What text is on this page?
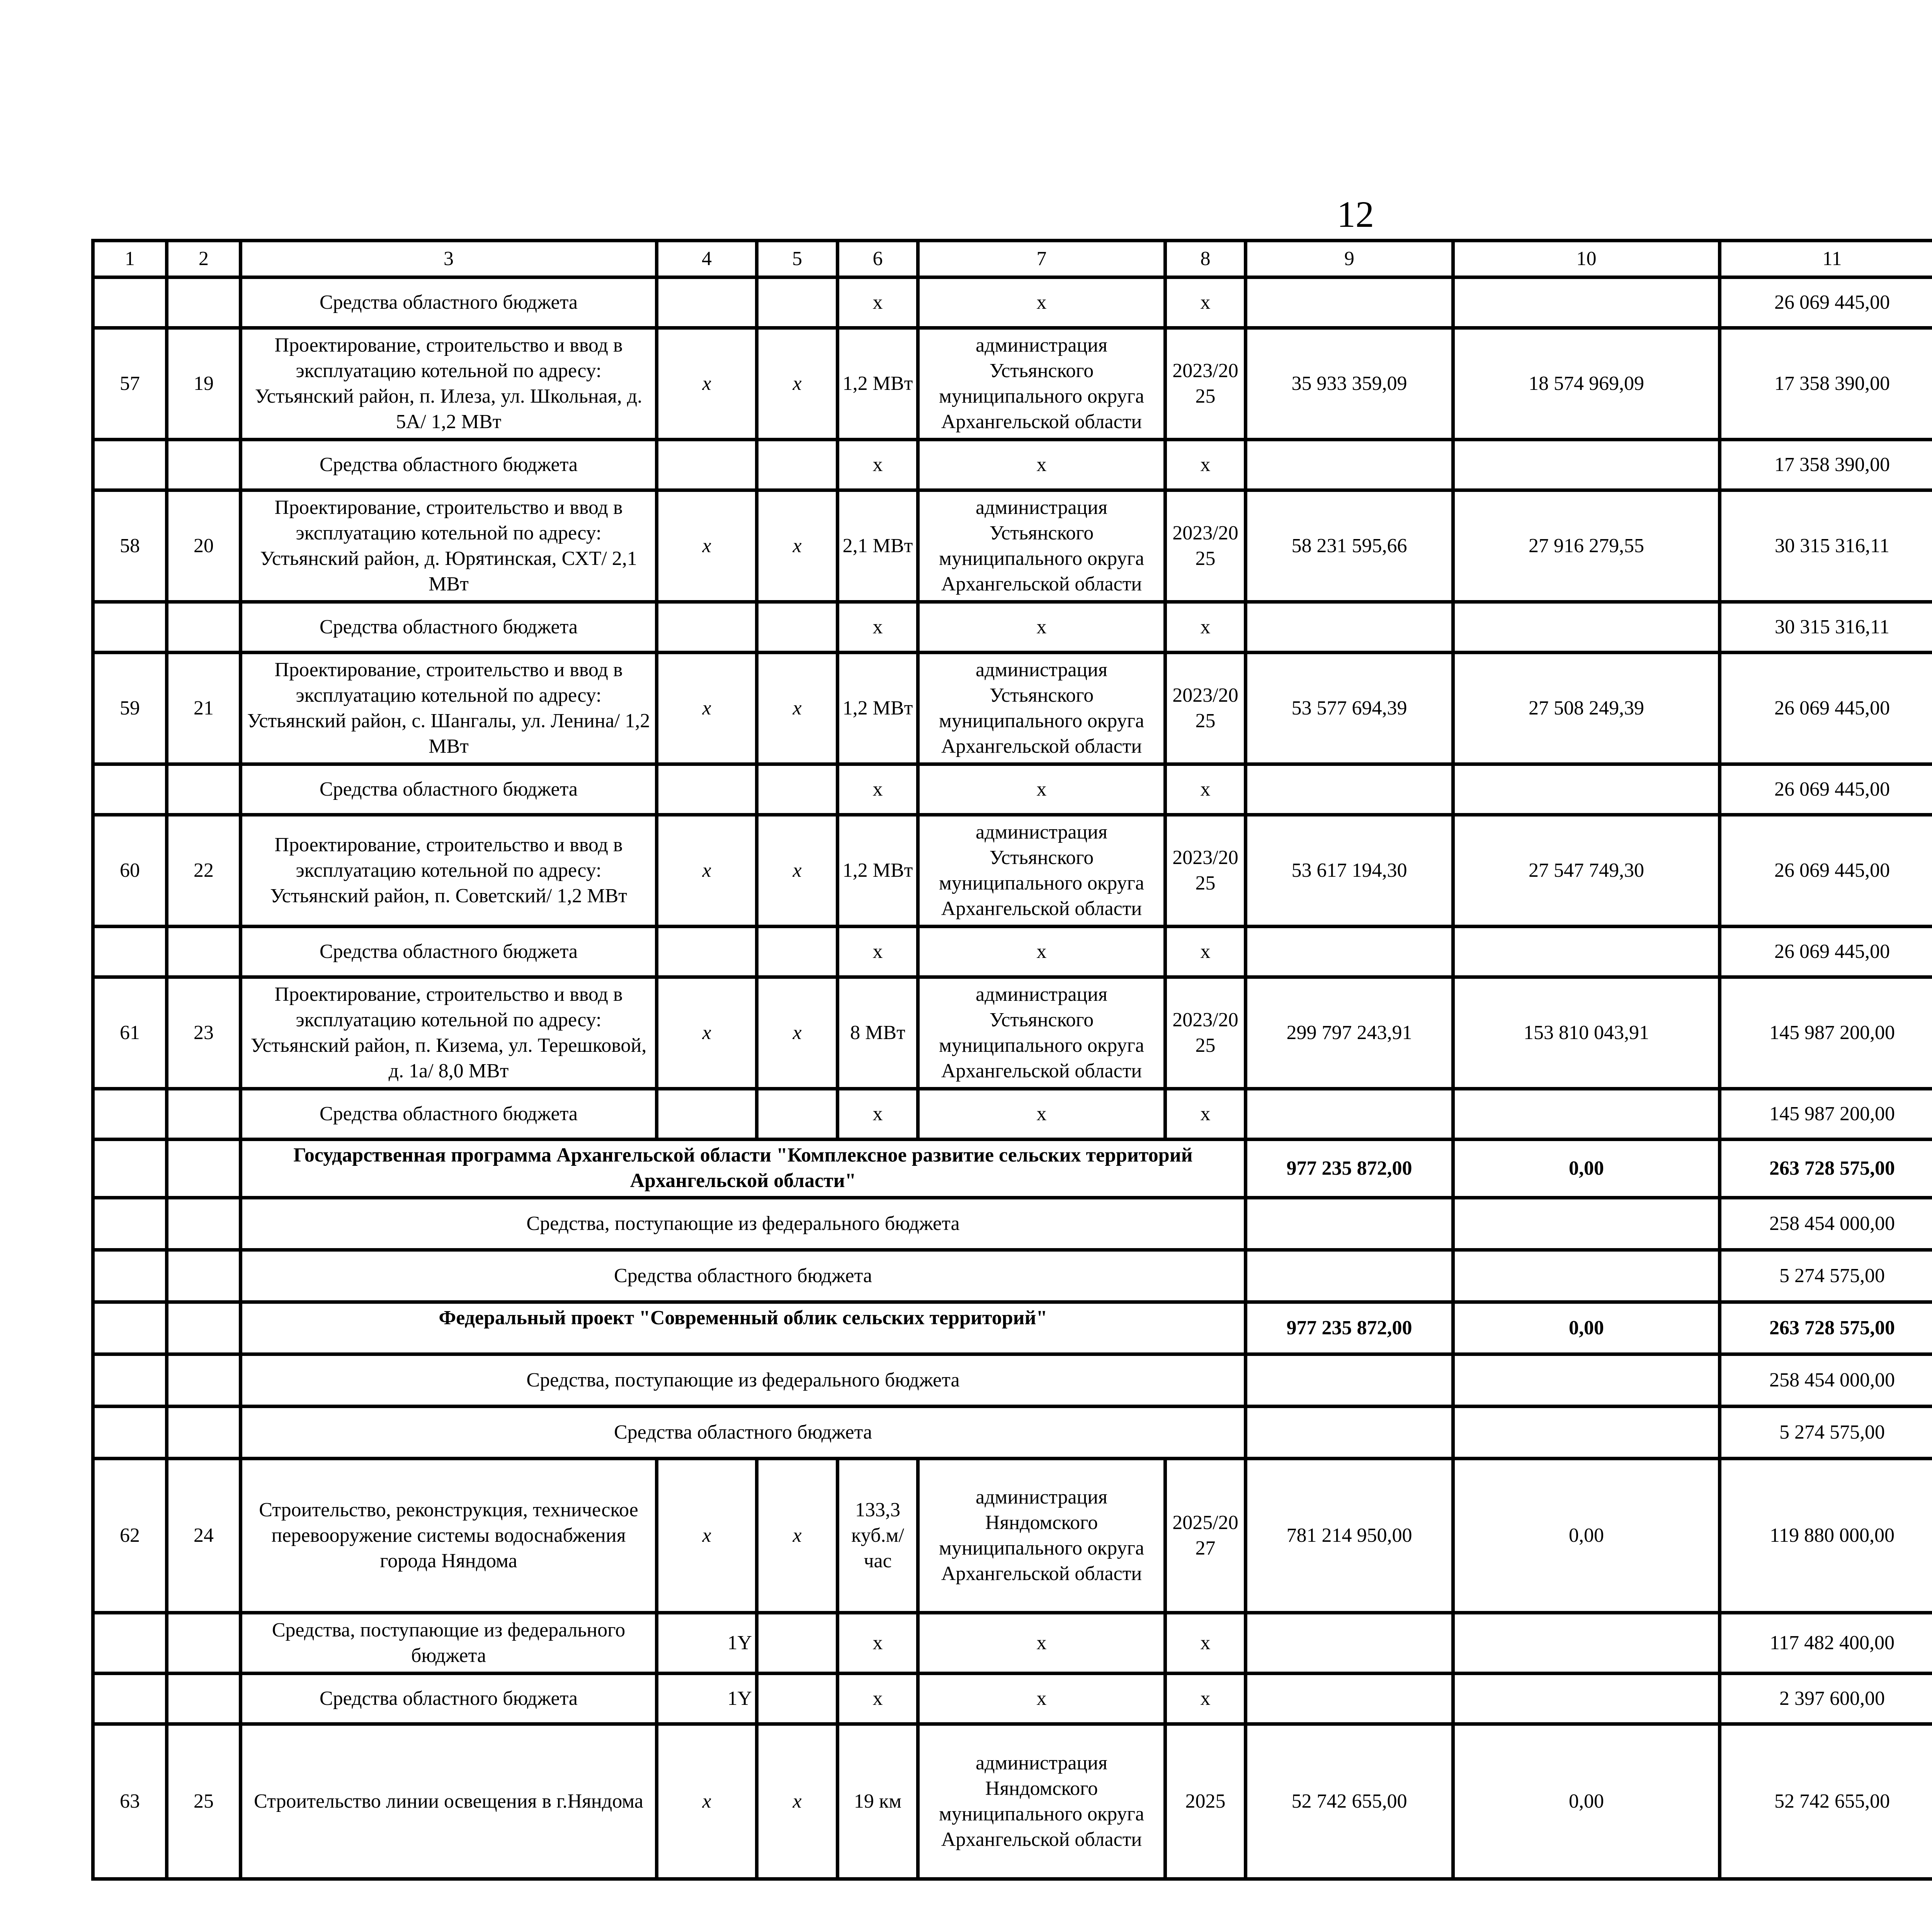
12
1	2	3	4	5	6	7	8	9	10	11			
		Средства областного бюджета			х	х	х			26 069 445,00			
57	19	Проектирование, строительство и ввод в эксплуатацию котельной по адресу: Устьянский район, п. Илеза, ул. Школьная, д. 5А/ 1,2 МВт	х	х	1,2 МВт	администрация Устьянского муниципального округа Архангельской области	2023/2025	35 933 359,09	18 574 969,09	17 358 390,00			
		Средства областного бюджета			х	х	х			17 358 390,00			
58	20	Проектирование, строительство и ввод в эксплуатацию котельной по адресу: Устьянский район, д. Юрятинская, СХТ/ 2,1 МВт	х	х	2,1 МВт	администрация Устьянского муниципального округа Архангельской области	2023/2025	58 231 595,66	27 916 279,55	30 315 316,11			
		Средства областного бюджета			х	х	х			30 315 316,11			
59	21	Проектирование, строительство и ввод в эксплуатацию котельной по адресу: Устьянский район, с. Шангалы, ул. Ленина/ 1,2 МВт	х	х	1,2 МВт	администрация Устьянского муниципального округа Архангельской области	2023/2025	53 577 694,39	27 508 249,39	26 069 445,00			
		Средства областного бюджета			х	х	х			26 069 445,00			
60	22	Проектирование, строительство и ввод в эксплуатацию котельной по адресу: Устьянский район, п. Советский/ 1,2 МВт	х	х	1,2 МВт	администрация Устьянского муниципального округа Архангельской области	2023/2025	53 617 194,30	27 547 749,30	26 069 445,00			
		Средства областного бюджета			х	х	х			26 069 445,00			
61	23	Проектирование, строительство и ввод в эксплуатацию котельной по адресу: Устьянский район, п. Кизема, ул. Терешковой, д. 1а/ 8,0 МВт	х	х	8 МВт	администрация Устьянского муниципального округа Архангельской области	2023/2025	299 797 243,91	153 810 043,91	145 987 200,00			
		Средства областного бюджета			х	х	х			145 987 200,00			
		Государственная программа Архангельской области "Комплексное развитие сельских территорий Архангельской области"						977 235 872,00	0,00	263 728 575,00			
		Средства, поступающие из федерального бюджета								258 454 000,00			
		Средства областного бюджета								5 274 575,00			
		Федеральный проект "Современный облик сельских территорий"						977 235 872,00	0,00	263 728 575,00			
		Средства, поступающие из федерального бюджета								258 454 000,00			
		Средства областного бюджета								5 274 575,00			
62	24	Строительство, реконструкция, техническое перевооружение системы водоснабжения города Няндома	х	х	133,3 куб.м/час	администрация Няндомского муниципального округа Архангельской области	2025/2027	781 214 950,00	0,00	119 880 000,00			
		Средства, поступающие из федерального бюджета	1Y		х	х	х			117 482 400,00			
		Средства областного бюджета	1Y		х	х	х			2 397 600,00			
63	25	Строительство линии освещения в г.Няндома	х	х	19 км	администрация Няндомского муниципального округа Архангельской области	2025	52 742 655,00	0,00	52 742 655,00			
